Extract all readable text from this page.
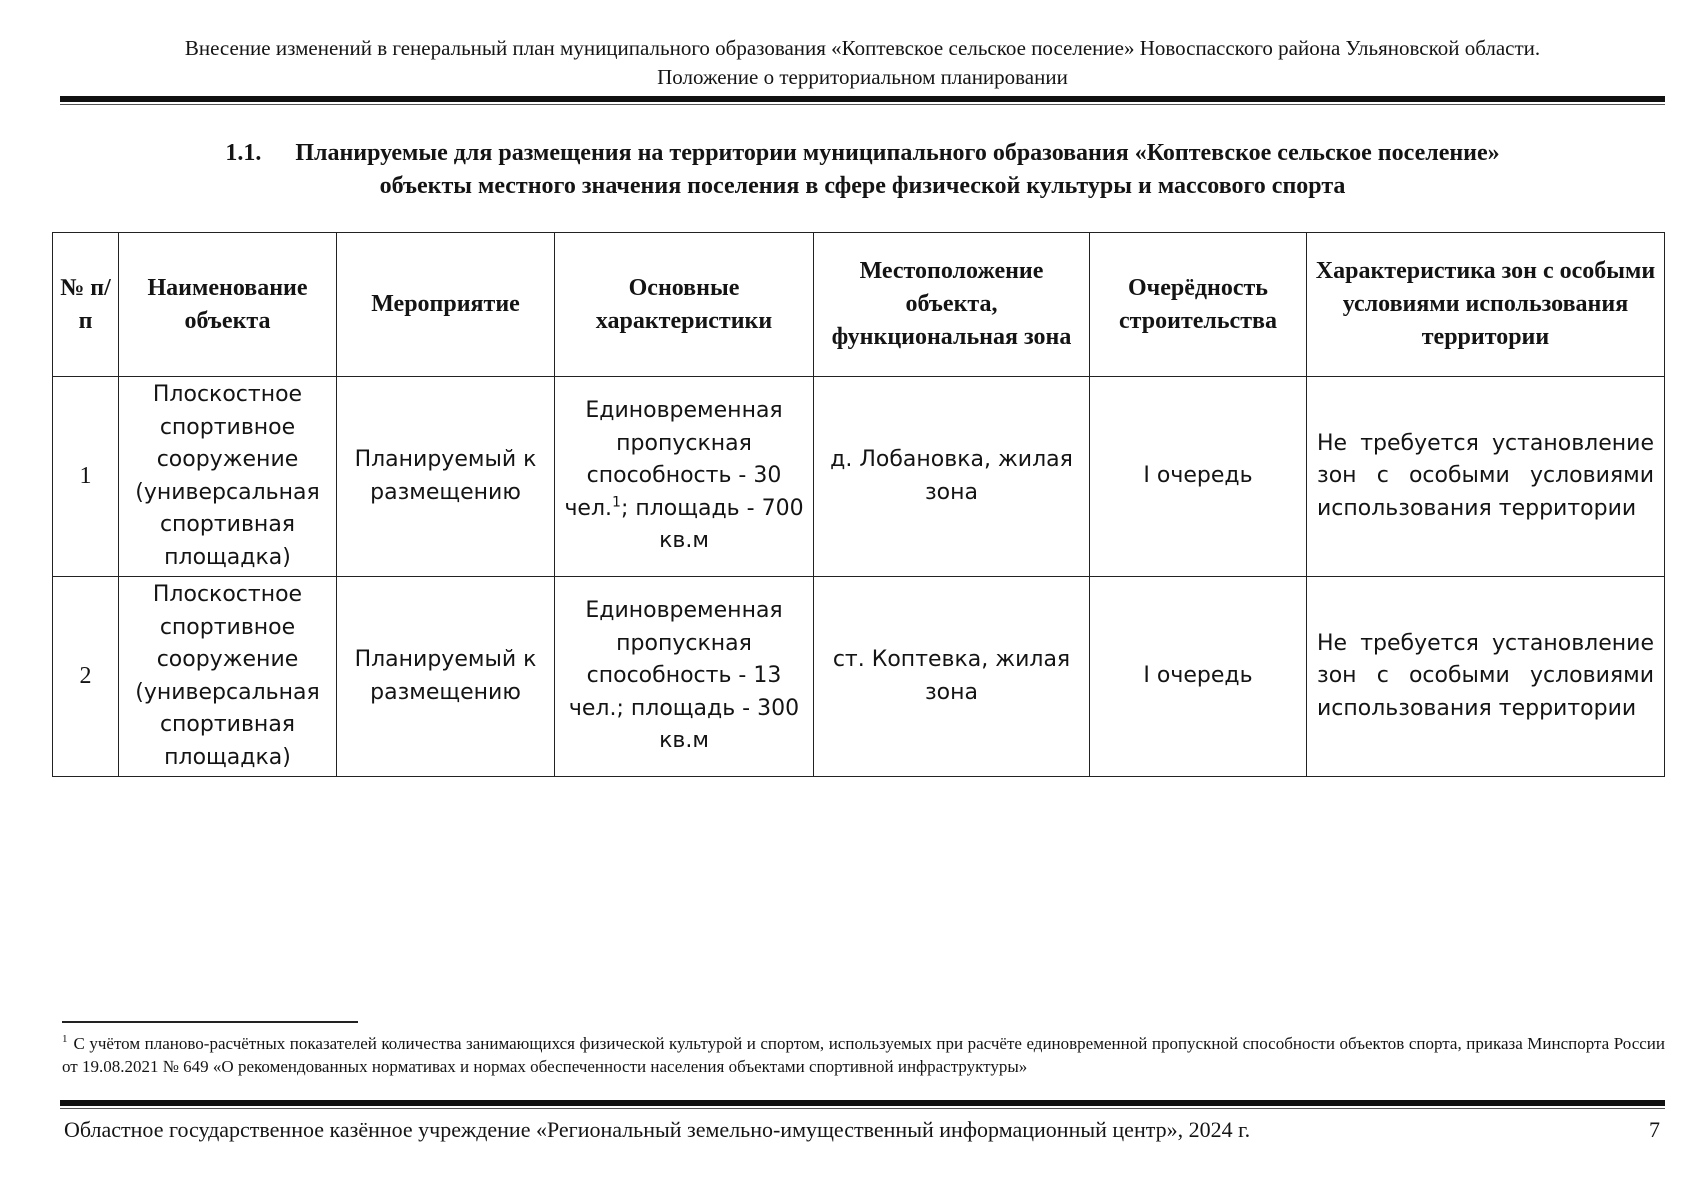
Внесение изменений в генеральный план муниципального образования «Коптевское сельское поселение» Новоспасского района Ульяновской области.
Положение о территориальном планировании
1.1. Планируемые для размещения на территории муниципального образования «Коптевское сельское поселение»
объекты местного значения поселения в сфере физической культуры и массового спорта
№ п/п	Наименование объекта	Мероприятие	Основные характеристики	Местоположение объекта, функциональная зона	Очерёдность строительства	Характеристика зон с особыми условиями использования территории
1	Плоскостное спортивное сооружение (универсальная спортивная площадка)	Планируемый к размещению	Единовременная пропускная способность - 30 чел.$^1$; площадь - 700 кв.м	д. Лобановка, жилая зона	I очередь	Не требуется установление зон с особыми условиями использования территории
2	Плоскостное спортивное сооружение (универсальная спортивная площадка)	Планируемый к размещению	Единовременная пропускная способность - 13 чел.; площадь - 300 кв.м	ст. Коптевка, жилая зона	I очередь	Не требуется установление зон с особыми условиями использования территории
$^1$ С учётом планово-расчётных показателей количества занимающихся физической культурой и спортом, используемых при расчёте единовременной пропускной способности объектов спорта, приказа Минспорта России от 19.08.2021 № 649 «О рекомендованных нормативах и нормах обеспеченности населения объектами спортивной инфраструктуры»
Областное государственное казённое учреждение «Региональный земельно-имущественный информационный центр», 2024 г.	7
